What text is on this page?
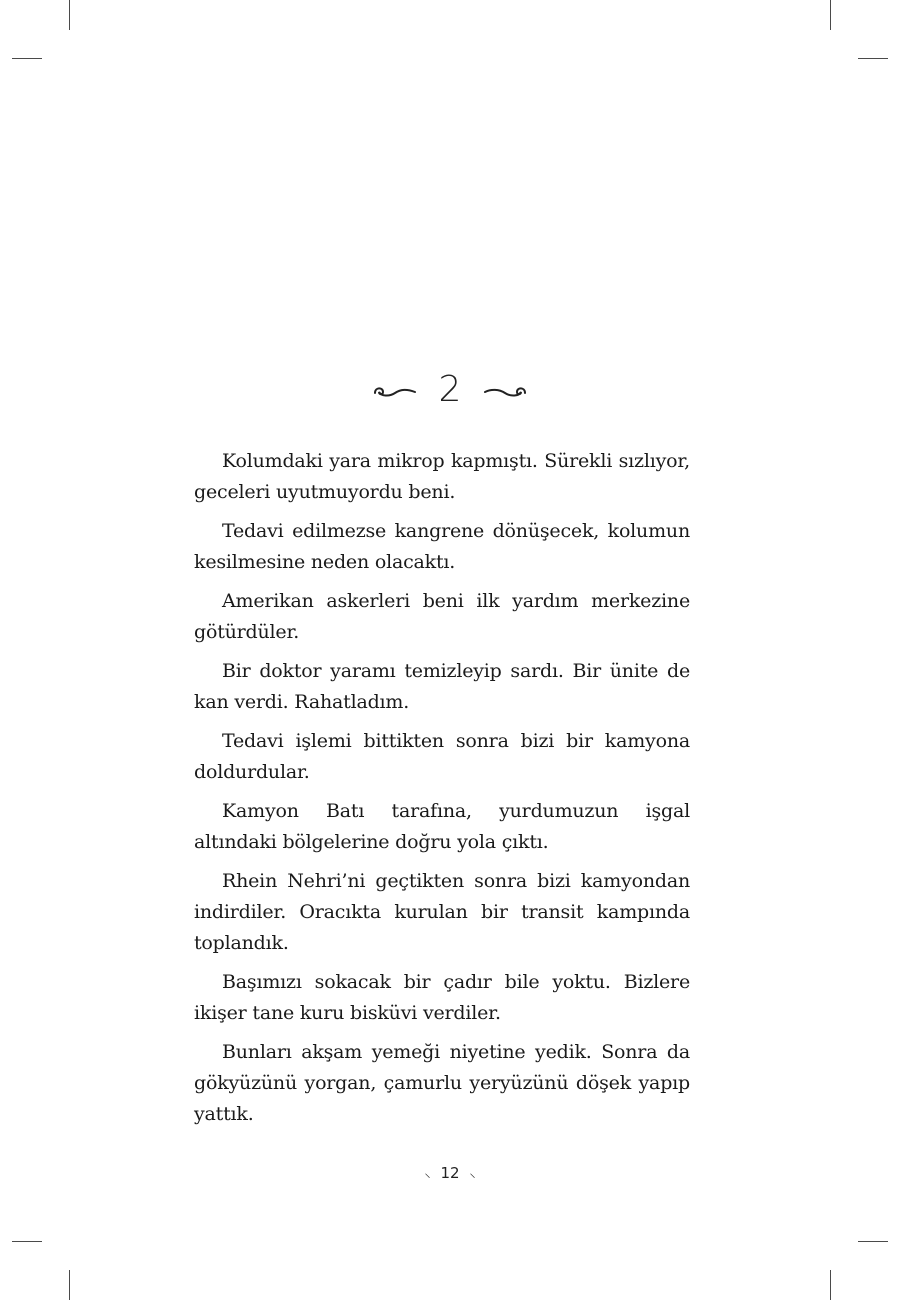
2

Kolumdaki yara mikrop kapmıştı. Sürekli sızlıyor, geceleri uyutmuyordu beni.

Tedavi edilmezse kangrene dönüşecek, kolumun kesilmesine neden olacaktı.

Amerikan askerleri beni ilk yardım merkezine götürdüler.

Bir doktor yaramı temizleyip sardı. Bir ünite de kan verdi. Rahatladım.

Tedavi işlemi bittikten sonra bizi bir kamyona doldurdular.

Kamyon Batı tarafına, yurdumuzun işgal altındaki bölgelerine doğru yola çıktı.

Rhein Nehri’ni geçtikten sonra bizi kamyondan indirdiler. Oracıkta kurulan bir transit kampında toplandık.

Başımızı sokacak bir çadır bile yoktu. Bizlere ikişer tane kuru bisküvi verdiler.

Bunları akşam yemeği niyetine yedik. Sonra da gökyüzünü yorgan, çamurlu yeryüzünü döşek yapıp yattık.

⸜ 12 ⸜
